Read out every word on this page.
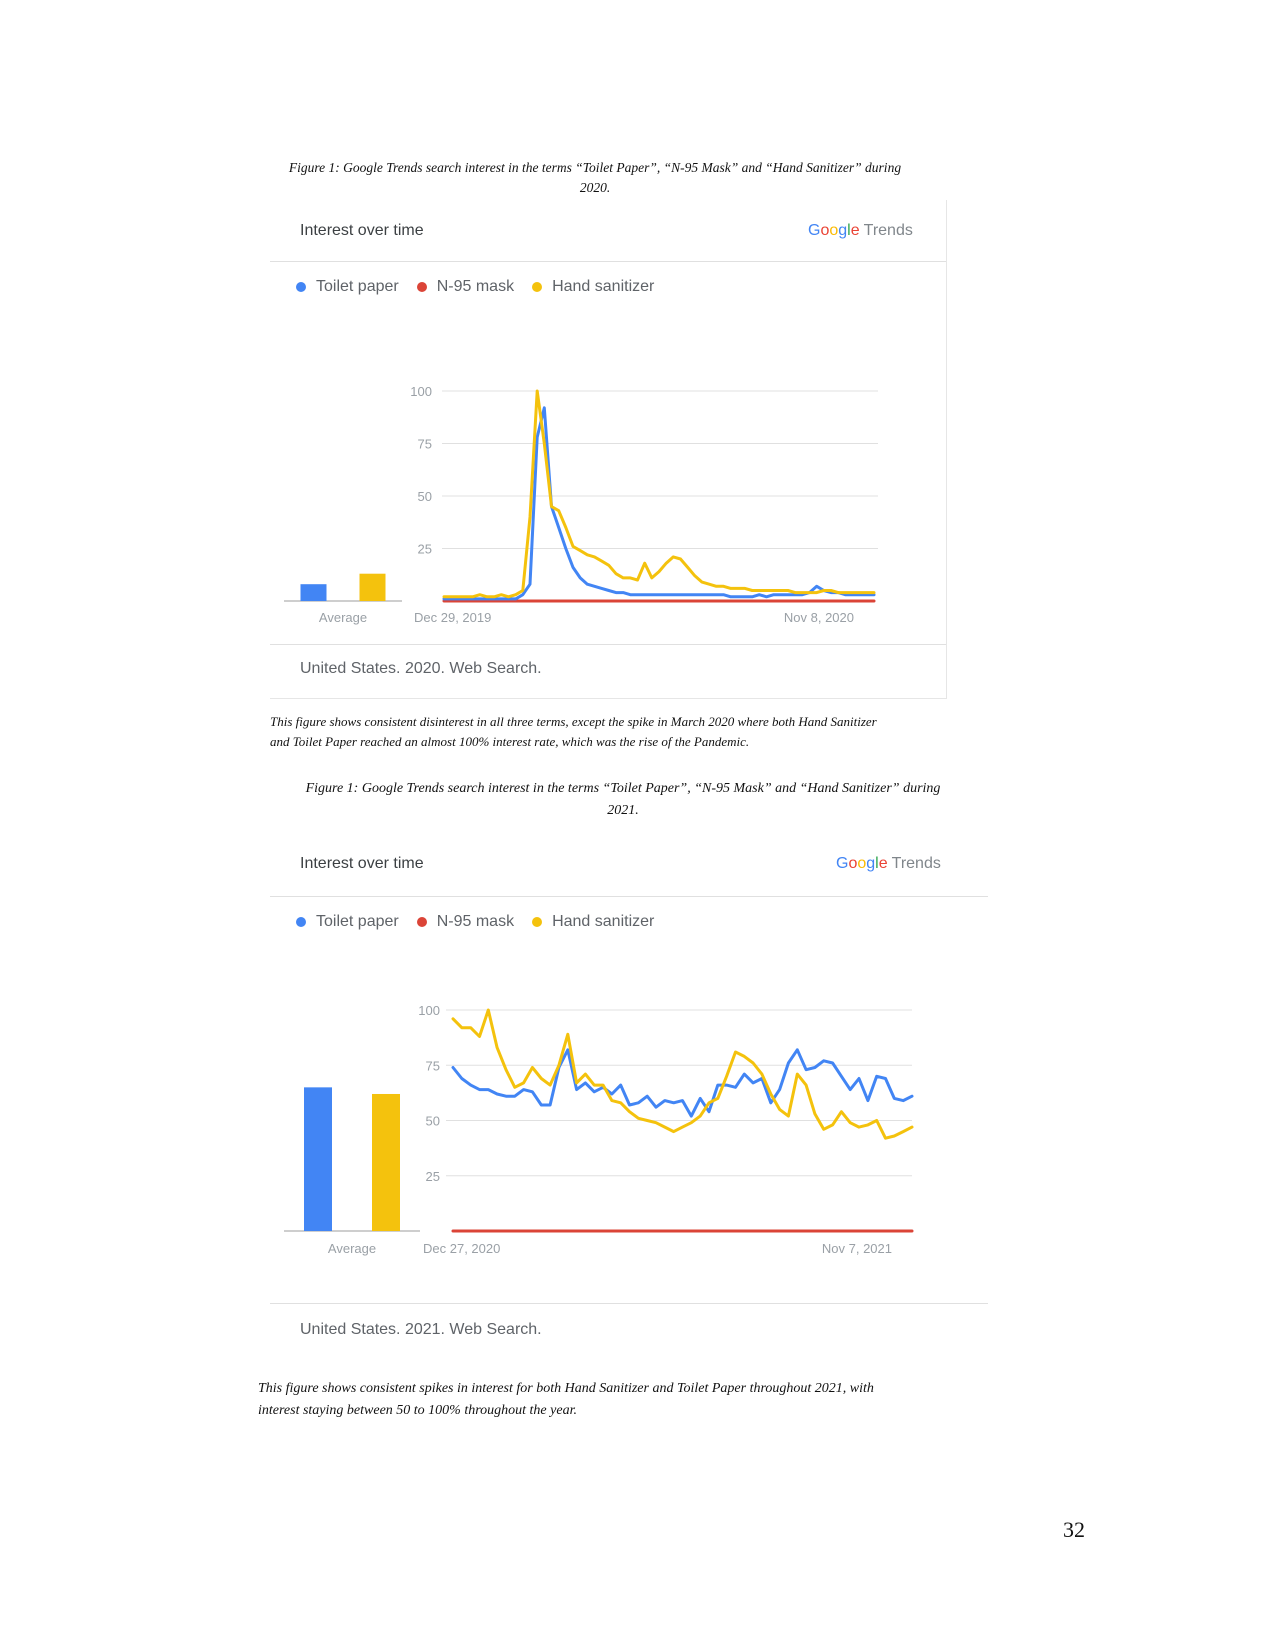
Figure 1: Google Trends search interest in the terms “Toilet Paper”, “N-95 Mask” and “Hand Sanitizer” during
2020.
Interest over time	Google Trends
Toilet paper N-95 mask Hand sanitizer
100
75
50
25
Average	Dec 29, 2019	Nov 8, 2020
United States. 2020. Web Search.
This figure shows consistent disinterest in all three terms, except the spike in March 2020 where both Hand Sanitizer
and Toilet Paper reached an almost 100% interest rate, which was the rise of the Pandemic.
Figure 1: Google Trends search interest in the terms “Toilet Paper”, “N-95 Mask” and “Hand Sanitizer” during
2021.
Interest over time	Google Trends
Toilet paper N-95 mask Hand sanitizer
100
75
50
25
Average	Dec 27, 2020	Nov 7, 2021
United States. 2021. Web Search.
This figure shows consistent spikes in interest for both Hand Sanitizer and Toilet Paper throughout 2021, with
interest staying between 50 to 100% throughout the year.
32
